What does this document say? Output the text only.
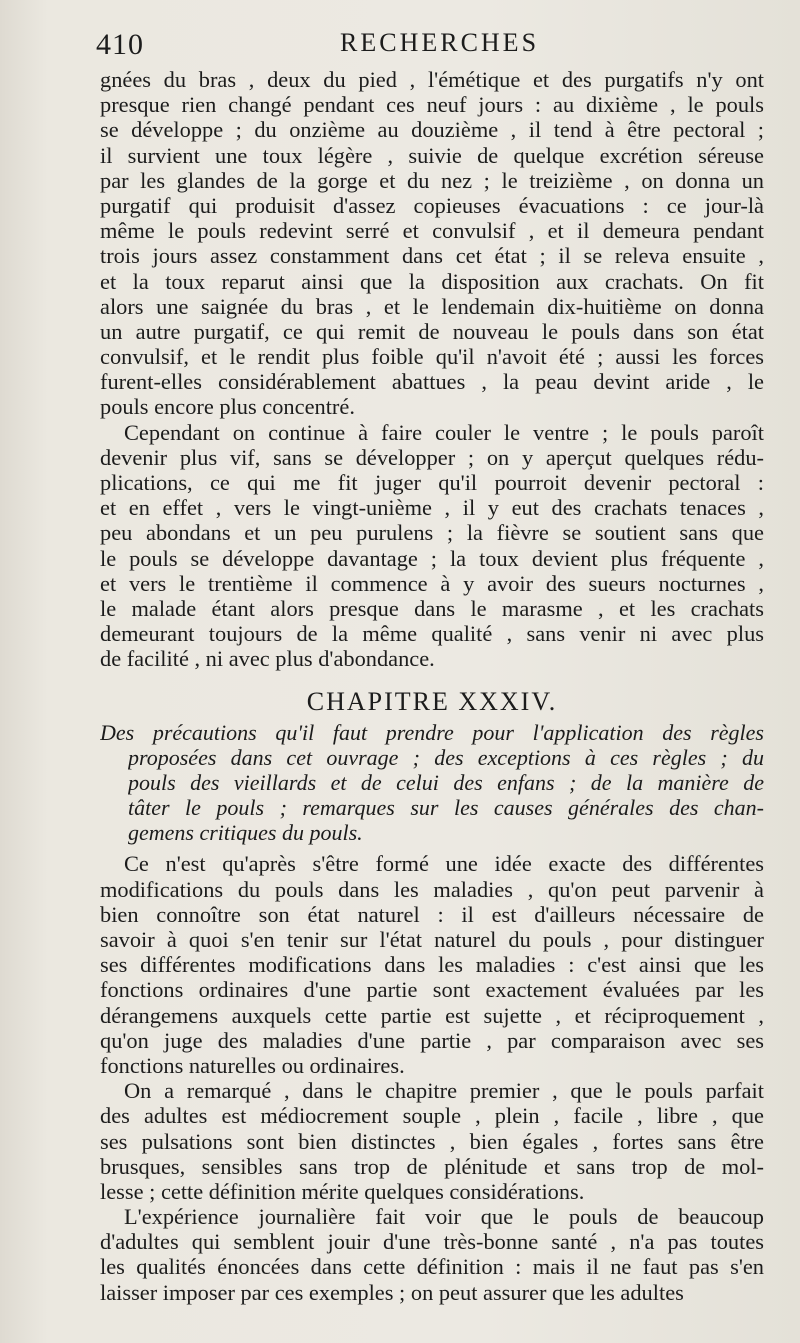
410	RECHERCHES
gnées du bras , deux du pied , l'émétique et des purgatifs n'y ont
presque rien changé pendant ces neuf jours : au dixième , le pouls
se développe ; du onzième au douzième , il tend à être pectoral ;
il survient une toux légère , suivie de quelque excrétion séreuse
par les glandes de la gorge et du nez ; le treizième , on donna un
purgatif qui produisit d'assez copieuses évacuations : ce jour-là
même le pouls redevint serré et convulsif , et il demeura pendant
trois jours assez constamment dans cet état ; il se releva ensuite ,
et la toux reparut ainsi que la disposition aux crachats. On fit
alors une saignée du bras , et le lendemain dix-huitième on donna
un autre purgatif, ce qui remit de nouveau le pouls dans son état
convulsif, et le rendit plus foible qu'il n'avoit été ; aussi les forces
furent-elles considérablement abattues , la peau devint aride , le
pouls encore plus concentré.
Cependant on continue à faire couler le ventre ; le pouls paroît
devenir plus vif, sans se développer ; on y aperçut quelques rédu-
plications, ce qui me fit juger qu'il pourroit devenir pectoral :
et en effet , vers le vingt-unième , il y eut des crachats tenaces ,
peu abondans et un peu purulens ; la fièvre se soutient sans que
le pouls se développe davantage ; la toux devient plus fréquente ,
et vers le trentième il commence à y avoir des sueurs nocturnes ,
le malade étant alors presque dans le marasme , et les crachats
demeurant toujours de la même qualité , sans venir ni avec plus
de facilité , ni avec plus d'abondance.
CHAPITRE XXXIV.
Des précautions qu'il faut prendre pour l'application des règles
proposées dans cet ouvrage ; des exceptions à ces règles ; du
pouls des vieillards et de celui des enfans ; de la manière de
tâter le pouls ; remarques sur les causes générales des chan-
gemens critiques du pouls.
Ce n'est qu'après s'être formé une idée exacte des différentes
modifications du pouls dans les maladies , qu'on peut parvenir à
bien connoître son état naturel : il est d'ailleurs nécessaire de
savoir à quoi s'en tenir sur l'état naturel du pouls , pour distinguer
ses différentes modifications dans les maladies : c'est ainsi que les
fonctions ordinaires d'une partie sont exactement évaluées par les
dérangemens auxquels cette partie est sujette , et réciproquement ,
qu'on juge des maladies d'une partie , par comparaison avec ses
fonctions naturelles ou ordinaires.
On a remarqué , dans le chapitre premier , que le pouls parfait
des adultes est médiocrement souple , plein , facile , libre , que
ses pulsations sont bien distinctes , bien égales , fortes sans être
brusques, sensibles sans trop de plénitude et sans trop de mol-
lesse ; cette définition mérite quelques considérations.
L'expérience journalière fait voir que le pouls de beaucoup
d'adultes qui semblent jouir d'une très-bonne santé , n'a pas toutes
les qualités énoncées dans cette définition : mais il ne faut pas s'en
laisser imposer par ces exemples ; on peut assurer que les adultes
